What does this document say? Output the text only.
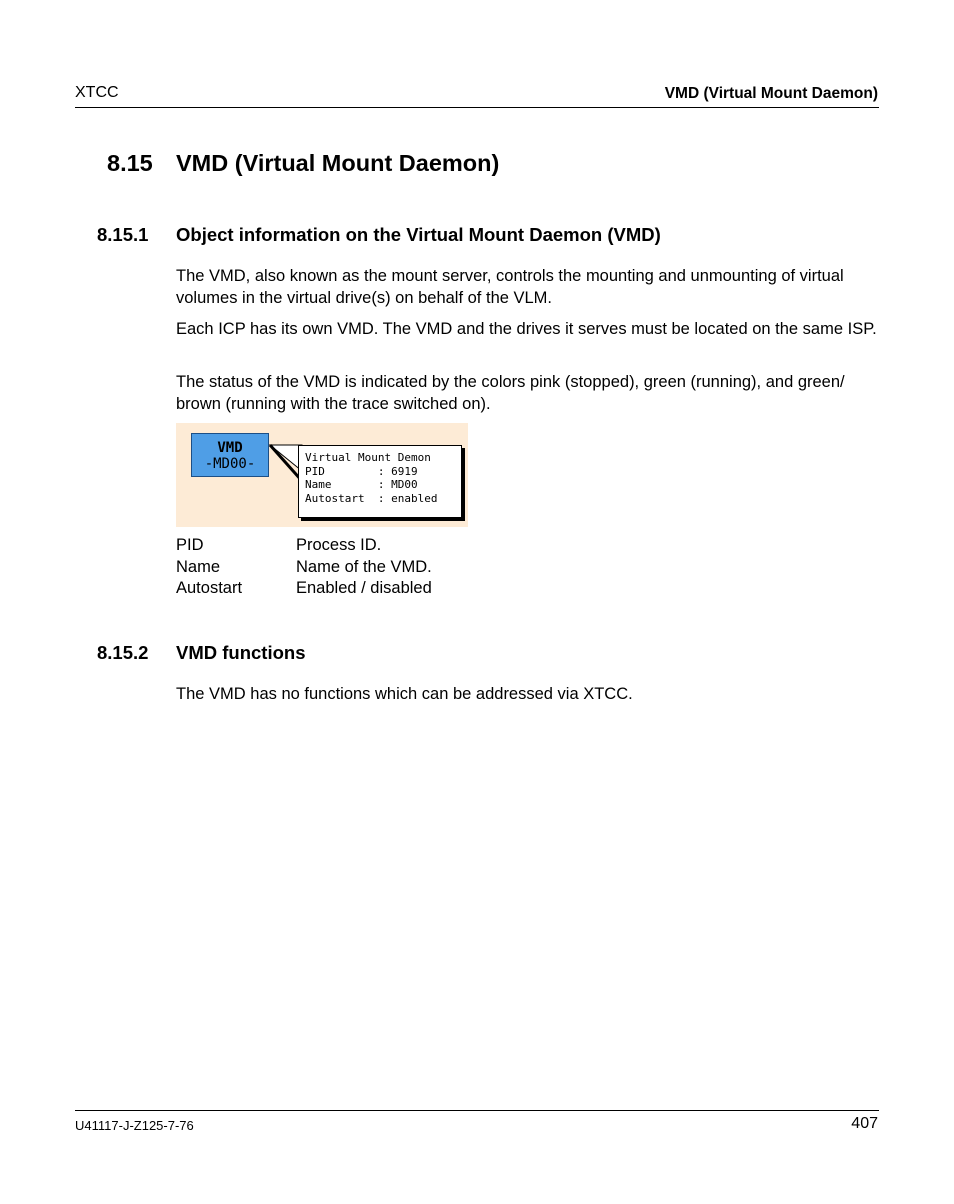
XTCC	VMD (Virtual Mount Daemon)
8.15 VMD (Virtual Mount Daemon)
8.15.1 Object information on the Virtual Mount Daemon (VMD)
The VMD, also known as the mount server, controls the mounting and unmounting of virtual volumes in the virtual drive(s) on behalf of the VLM.
Each ICP has its own VMD. The VMD and the drives it serves must be located on the same ISP.
The status of the VMD is indicated by the colors pink (stopped), green (running), and green/ brown (running with the trace switched on).
VMD
-MD00-	Virtual Mount Demon
PID        : 6919
Name       : MD00
Autostart  : enabled
PID	Process ID.
Name	Name of the VMD.
Autostart	Enabled / disabled
8.15.2 VMD functions
The VMD has no functions which can be addressed via XTCC.
U41117-J-Z125-7-76	407
